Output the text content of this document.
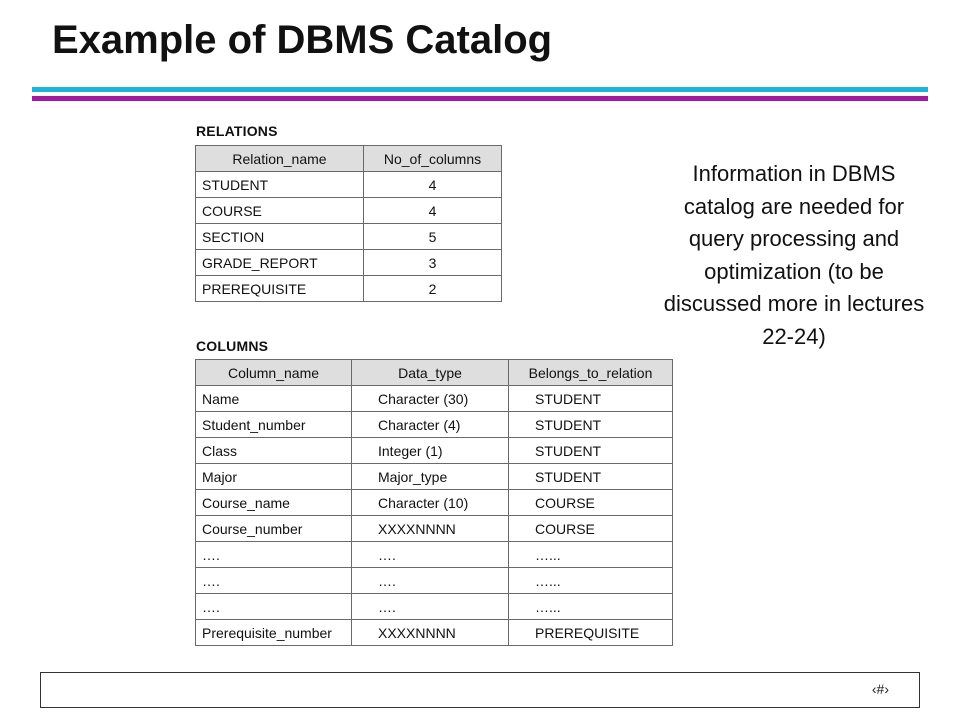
Example of DBMS Catalog
RELATIONS
Relation_name	No_of_columns
STUDENT	4
COURSE	4
SECTION	5
GRADE_REPORT	3
PREREQUISITE	2
COLUMNS
Column_name	Data_type	Belongs_to_relation
Name	Character (30)	STUDENT
Student_number	Character (4)	STUDENT
Class	Integer (1)	STUDENT
Major	Major_type	STUDENT
Course_name	Character (10)	COURSE
Course_number	XXXXNNNN	COURSE
….	….	…...
….	….	…...
….	….	…...
Prerequisite_number	XXXXNNNN	PREREQUISITE
Information in DBMS catalog are needed for query processing and optimization (to be discussed more in lectures 22-24)
‹#›
